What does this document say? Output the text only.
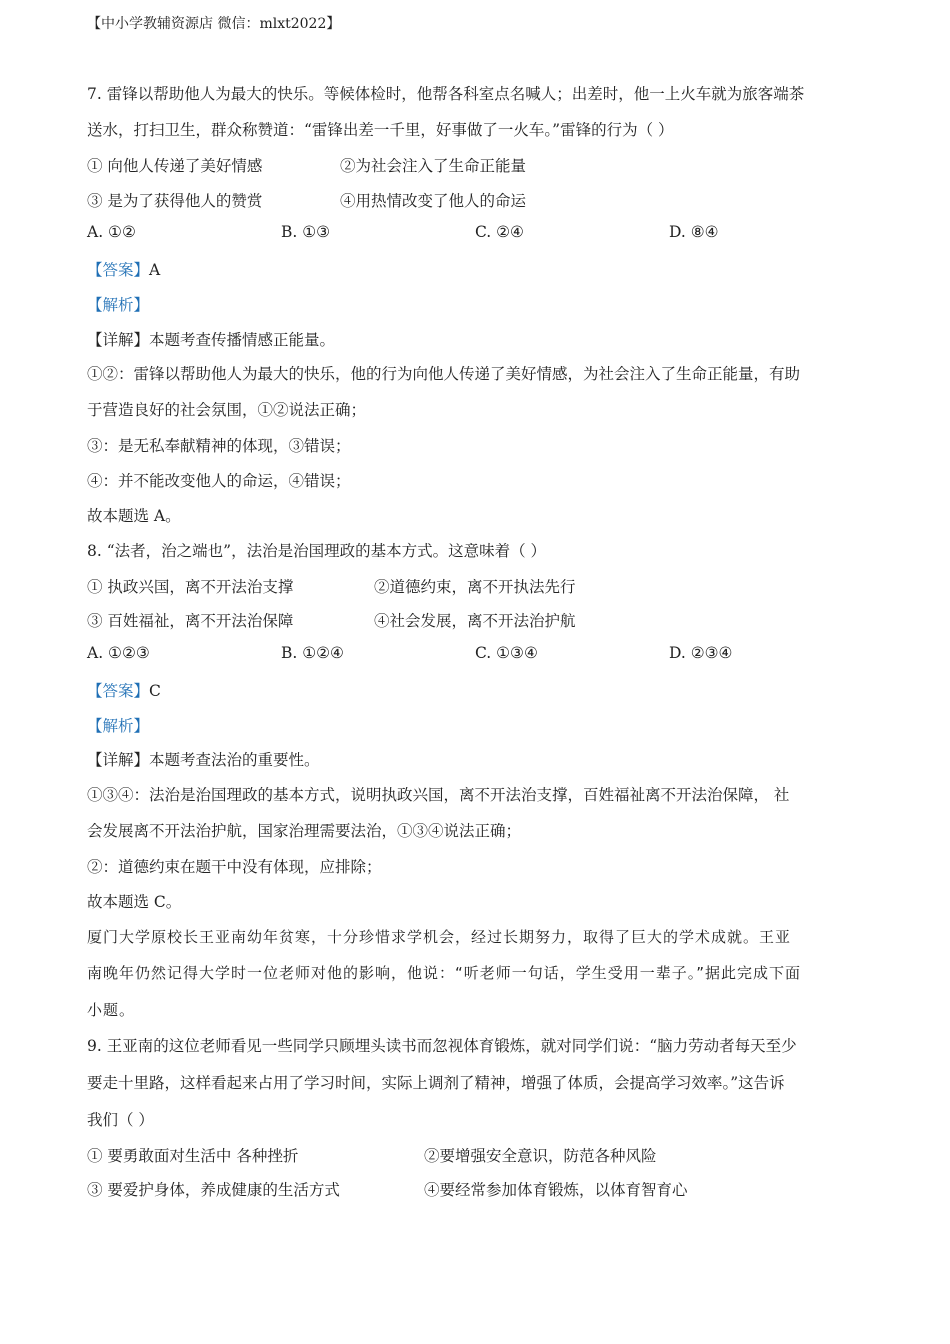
【中小学教辅资源店 微信：mlxt2022】
7. 雷锋以帮助他人为最大的快乐。等候体检时，他帮各科室点名喊人；出差时，他一上火车就为旅客端茶
送水，打扫卫生，群众称赞道：“雷锋出差一千里，好事做了一火车。”雷锋的行为（ ）
① 向他人传递了美好情感	②为社会注入了生命正能量
③ 是为了获得他人的赞赏	④用热情改变了他人的命运
A. ①②	B. ①③	C. ②④	D. ⑧④
【答案】A
【解析】
【详解】本题考查传播情感正能量。
①②：雷锋以帮助他人为最大的快乐，他的行为向他人传递了美好情感，为社会注入了生命正能量，有助
于营造良好的社会氛围，①②说法正确；
③：是无私奉献精神的体现，③错误；
④：并不能改变他人的命运，④错误；
故本题选 A。
8. “法者，治之端也”，法治是治国理政的基本方式。这意味着（ ）
① 执政兴国，离不开法治支撑	②道德约束，离不开执法先行
③ 百姓福祉，离不开法治保障	④社会发展，离不开法治护航
A. ①②③	B. ①②④	C. ①③④	D. ②③④
【答案】C
【解析】
【详解】本题考查法治的重要性。
①③④：法治是治国理政的基本方式，说明执政兴国，离不开法治支撑，百姓福祉离不开法治保障， 社
会发展离不开法治护航，国家治理需要法治，①③④说法正确；
②：道德约束在题干中没有体现，应排除；
故本题选 C。
厦门大学原校长王亚南幼年贫寒，十分珍惜求学机会，经过长期努力，取得了巨大的学术成就。王亚
南晚年仍然记得大学时一位老师对他的影响，他说：“听老师一句话，学生受用一辈子。”据此完成下面
小题。
9. 王亚南的这位老师看见一些同学只顾埋头读书而忽视体育锻炼，就对同学们说：“脑力劳动者每天至少
要走十里路，这样看起来占用了学习时间，实际上调剂了精神，增强了体质，会提高学习效率。”这告诉
我们（ ）
① 要勇敢面对生活中 各种挫折	②要增强安全意识，防范各种风险
③ 要爱护身体，养成健康的生活方式	④要经常参加体育锻炼，以体育智育心
